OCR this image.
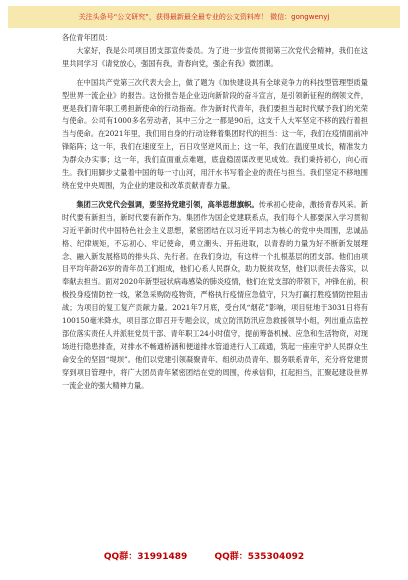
关注头条号“公文研究”，获得最新最全最专业的公文资料库！ 微信：gongwenyj

各位青年团员：

大家好，我是公司项目团支部宣传委员。为了进一步宣传贯彻第三次党代会精神，我们在这里共同学习《请党放心，强国有我，青春向党，强企有我》微团课。

在中国共产党第三次代表大会上，做了题为《加快建设具有全球竞争力的科技型管理型质量型世界一流企业》的报告。这份报告是企业迈向新阶段的奋斗宣言，是引领新征程的纲领文件，更是我们青年职工勇担新使命的行动指南。作为新时代青年，我们要担当起时代赋予我们的光荣与使命。公司有1000多名劳动者，其中三分之一都是90后，这支千人大军坚定不移的践行着担当与使命。在2021年里，我们用自身的行动诠释着集团时代的担当：这一年，我们在疫情面前冲锋陷阵；这一年，我们在速度至上，百日攻坚逆风而上；这一年，我们在温度里成长，精准发力为群众办实事；这一年，我们直面重点难题，底盘稳固谋改更见成效。我们秉持初心，向心而生。我们用脚步丈量着中国的每一寸山河，用汗水书写着企业的责任与担当。我们坚定不移地围绕在党中央周围，为企业的建设和改革贡献青春力量。

集团三次党代会强调，要坚持党建引领，高举思想旗帜。传承初心使命，激扬青春风采。新时代要有新担当，新时代要有新作为。集团作为国企党建联系点，我们每个人都要深入学习贯彻习近平新时代中国特色社会主义思想，紧密团结在以习近平同志为核心的党中央周围，忠诚品格、纪律规矩，不忘初心、牢记使命，勇立潮头、开拓进取，以青春的力量为好不断新发展理念、融入新发展格局的排头兵、先行者。在我们身边，有这样一个扎根基层的团支部。他们由项目平均年龄26岁的青年员工们组成，他们心系人民群众，助力脱贫攻坚，他们以责任去落实，以奉献去担当。面对2020年新型冠状病毒感染的肺炎疫情，他们在党支部的带领下，冲锋在前，积极投身疫情防控一线，紧急采购防疫物资，严格执行疫情应急值守，只为打赢打胜疫情防控阻击战；为项目的复工复产贡献力量。2021年7月底，受台风“烟花”影响，项目驻地于3031日将有100150毫米降水，项目部立即召开专题会议，成立防汛防汛应急救援领导小组，列出重点监控部位落实责任人并派驻党员干部、青年职工24小时值守，提前筹备机械、应急和生活物资，对现场进行隐患排查，对排水不畅通桥涵和便道排水管道进行人工疏通，筑起一座座守护人民群众生命安全的坚固“堤坝”。他们以党建引领凝聚青年、组织动员青年、服务联系青年，充分将党建贯穿到项目管理中，将广大团员青年紧密团结在党的周围，传承信仰，扛起担当，汇聚起建设世界一流企业的强大精神力量。

QQ群：31991489	QQ群：535304092
